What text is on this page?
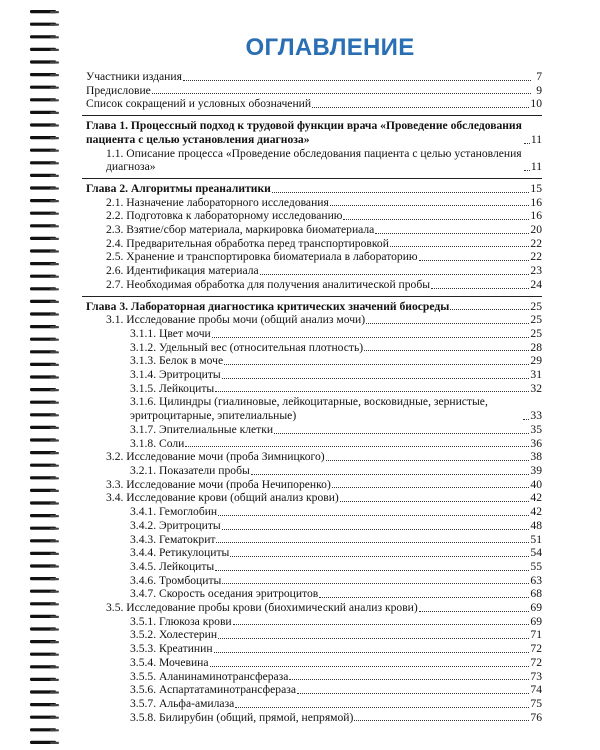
ОГЛАВЛЕНИЕ
Участники издания	7
Предисловие	9
Список сокращений и условных обозначений	10
Глава 1. Процессный подход к трудовой функции врача «Проведение обследования пациента с целью установления диагноза»	11
1.1. Описание процесса «Проведение обследования пациента с целью установления диагноза»	11
Глава 2. Алгоритмы преаналитики	15
2.1. Назначение лабораторного исследования	16
2.2. Подготовка к лабораторному исследованию	16
2.3. Взятие/сбор материала, маркировка биоматериала	20
2.4. Предварительная обработка перед транспортировкой	22
2.5. Хранение и транспортировка биоматериала в лабораторию	22
2.6. Идентификация материала	23
2.7. Необходимая обработка для получения аналитической пробы	24
Глава 3. Лабораторная диагностика критических значений биосреды	25
3.1. Исследование пробы мочи (общий анализ мочи)	25
3.1.1. Цвет мочи	25
3.1.2. Удельный вес (относительная плотность)	28
3.1.3. Белок в моче	29
3.1.4. Эритроциты	31
3.1.5. Лейкоциты	32
3.1.6. Цилиндры (гиалиновые, лейкоцитарные, восковидные, зернистые, эритроцитарные, эпителиальные)	33
3.1.7. Эпителиальные клетки	35
3.1.8. Соли	36
3.2. Исследование мочи (проба Зимницкого)	38
3.2.1. Показатели пробы	39
3.3. Исследование мочи (проба Нечипоренко)	40
3.4. Исследование крови (общий анализ крови)	42
3.4.1. Гемоглобин	42
3.4.2. Эритроциты	48
3.4.3. Гематокрит	51
3.4.4. Ретикулоциты	54
3.4.5. Лейкоциты	55
3.4.6. Тромбоциты	63
3.4.7. Скорость оседания эритроцитов	68
3.5. Исследование пробы крови (биохимический анализ крови)	69
3.5.1. Глюкоза крови	69
3.5.2. Холестерин	71
3.5.3. Креатинин	72
3.5.4. Мочевина	72
3.5.5. Аланинаминотрансфераза	73
3.5.6. Аспартатаминотрансфераза	74
3.5.7. Альфа-амилаза	75
3.5.8. Билирубин (общий, прямой, непрямой)	76
